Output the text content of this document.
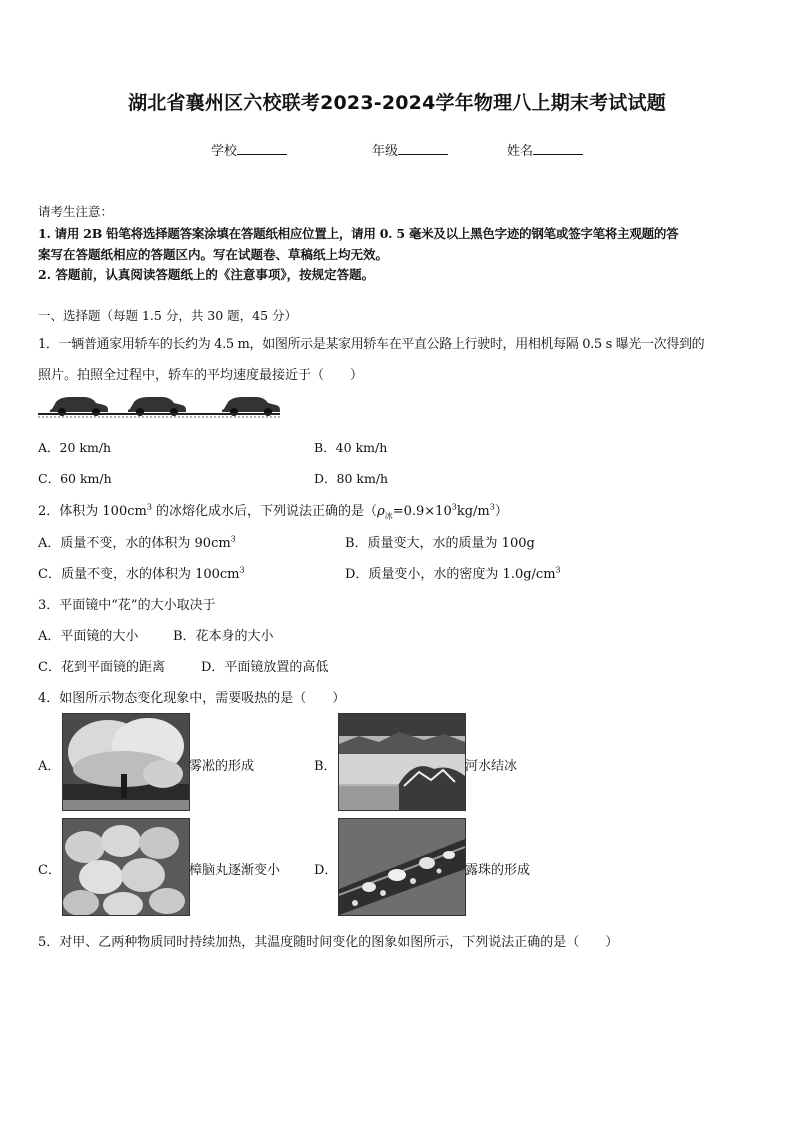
湖北省襄州区六校联考2023-2024学年物理八上期末考试试题
学校	年级	姓名
请考生注意：
1. 请用 2B 铅笔将选择题答案涂填在答题纸相应位置上，请用 0. 5 毫米及以上黑色字迹的钢笔或签字笔将主观题的答
案写在答题纸相应的答题区内。写在试题卷、草稿纸上均无效。
2. 答题前，认真阅读答题纸上的《注意事项》，按规定答题。
一、选择题（每题 1.5 分，共 30 题，45 分）
1．一辆普通家用轿车的长约为 4.5 m，如图所示是某家用轿车在平直公路上行驶时，用相机每隔 0.5 s 曝光一次得到的
照片。拍照全过程中，轿车的平均速度最接近于（　　）
A．20 km/h	B．40 km/h
C．60 km/h	D．80 km/h
2．体积为 $100cm^3$ 的冰熔化成水后，下列说法正确的是$(\rho_冰=0.9\times 10^3kg/m^3)$
A．质量不变，水的体积为 $90cm^3$	B．质量变大，水的质量为 100g
C．质量不变，水的体积为 $100cm^3$	D．质量变小，水的密度为 $1.0g/cm^3$
3．平面镜中“花”的大小取决于
A．平面镜的大小	B．花本身的大小
C．花到平面镜的距离	D．平面镜放置的高低
4．如图所示物态变化现象中，需要吸热的是（　　）
A．	雾凇的形成	B．	河水结冰
C．	樟脑丸逐渐变小	D．	露珠的形成
5．对甲、乙两种物质同时持续加热，其温度随时间变化的图象如图所示，下列说法正确的是（　　）
